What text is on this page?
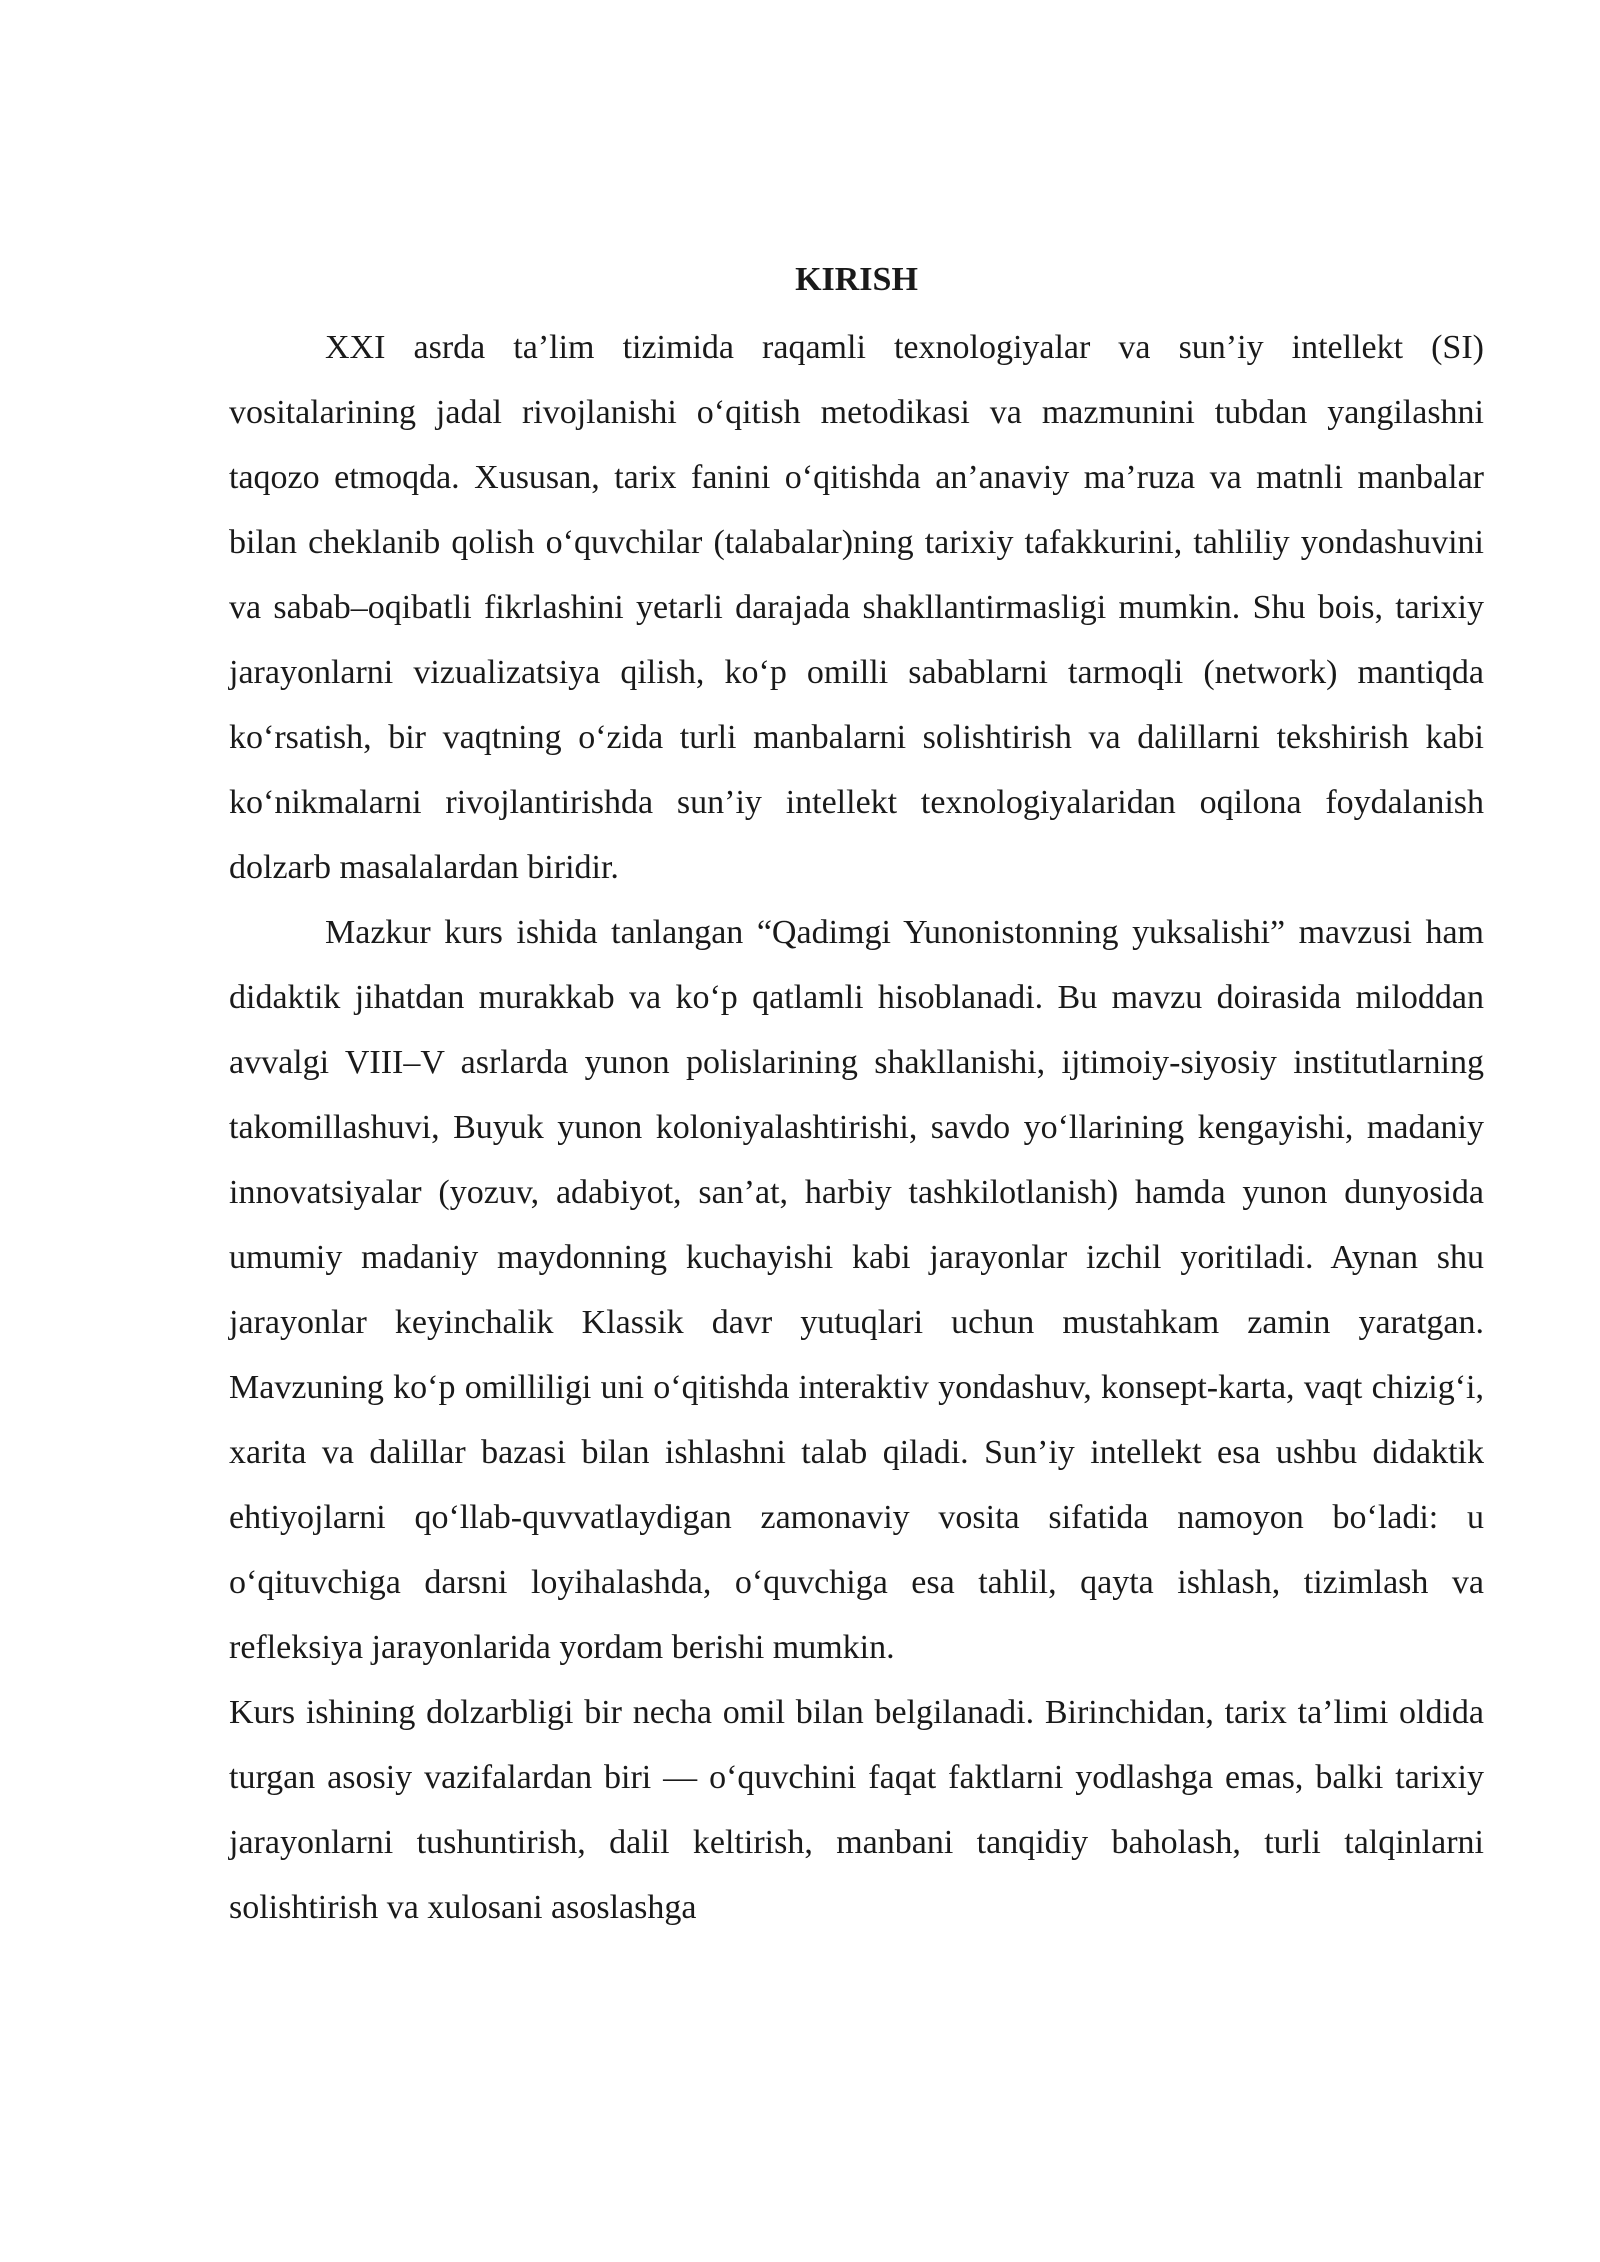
KIRISH

XXI asrda ta’lim tizimida raqamli texnologiyalar va sun’iy intellekt (SI) vositalarining jadal rivojlanishi o‘qitish metodikasi va mazmunini tubdan yangilashni taqozo etmoqda. Xususan, tarix fanini o‘qitishda an’anaviy ma’ruza va matnli manbalar bilan cheklanib qolish o‘quvchilar (talabalar)ning tarixiy tafakkurini, tahliliy yondashuvini va sabab–oqibatli fikrlashini yetarli darajada shakllantirmasligi mumkin. Shu bois, tarixiy jarayonlarni vizualizatsiya qilish, ko‘p omilli sabablarni tarmoqli (network) mantiqda ko‘rsatish, bir vaqtning o‘zida turli manbalarni solishtirish va dalillarni tekshirish kabi ko‘nikmalarni rivojlantirishda sun’iy intellekt texnologiyalaridan oqilona foydalanish dolzarb masalalardan biridir.

Mazkur kurs ishida tanlangan “Qadimgi Yunonistonning yuksalishi” mavzusi ham didaktik jihatdan murakkab va ko‘p qatlamli hisoblanadi. Bu mavzu doirasida miloddan avvalgi VIII–V asrlarda yunon polislarining shakllanishi, ijtimoiy-siyosiy institutlarning takomillashuvi, Buyuk yunon koloniyalashtirishi, savdo yo‘llarining kengayishi, madaniy innovatsiyalar (yozuv, adabiyot, san’at, harbiy tashkilotlanish) hamda yunon dunyosida umumiy madaniy maydonning kuchayishi kabi jarayonlar izchil yoritiladi. Aynan shu jarayonlar keyinchalik Klassik davr yutuqlari uchun mustahkam zamin yaratgan. Mavzuning ko‘p omilliligi uni o‘qitishda interaktiv yondashuv, konsept-karta, vaqt chizig‘i, xarita va dalillar bazasi bilan ishlashni talab qiladi. Sun’iy intellekt esa ushbu didaktik ehtiyojlarni qo‘llab-quvvatlaydigan zamonaviy vosita sifatida namoyon bo‘ladi: u o‘qituvchiga darsni loyihalashda, o‘quvchiga esa tahlil, qayta ishlash, tizimlash va refleksiya jarayonlarida yordam berishi mumkin.

Kurs ishining dolzarbligi bir necha omil bilan belgilanadi. Birinchidan, tarix ta’limi oldida turgan asosiy vazifalardan biri — o‘quvchini faqat faktlarni yodlashga emas, balki tarixiy jarayonlarni tushuntirish, dalil keltirish, manbani tanqidiy baholash, turli talqinlarni solishtirish va xulosani asoslashga
